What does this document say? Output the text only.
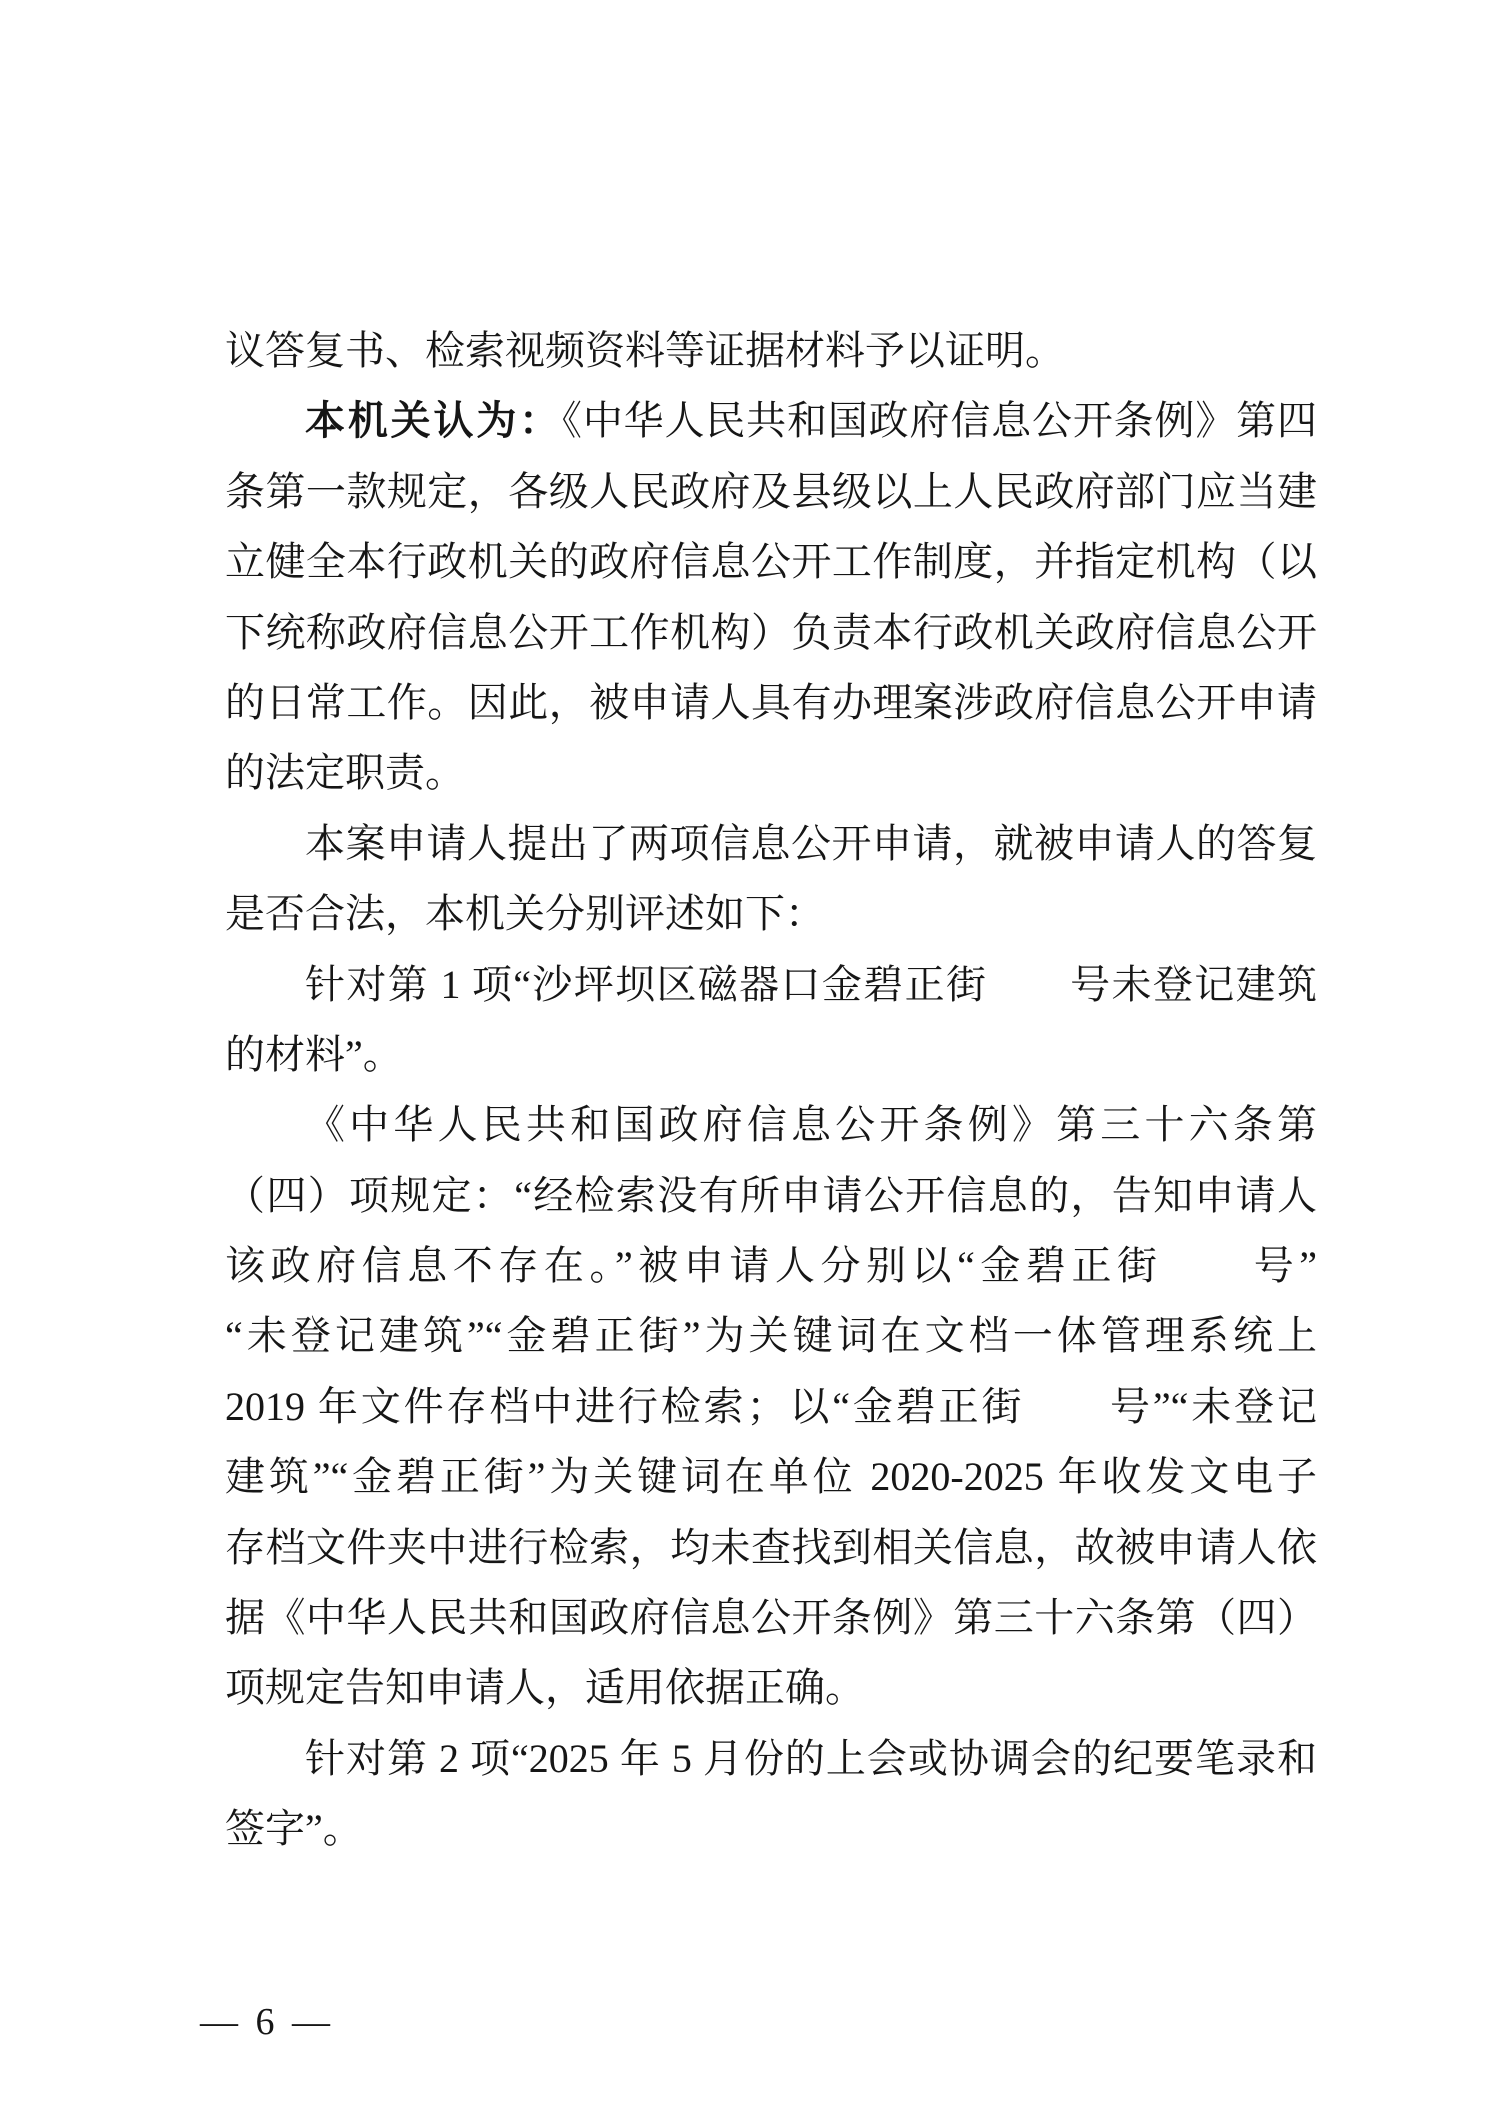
议答复书、检索视频资料等证据材料予以证明。
本机关认为：《中华人民共和国政府信息公开条例》第四
条第一款规定，各级人民政府及县级以上人民政府部门应当建
立健全本行政机关的政府信息公开工作制度，并指定机构（以
下统称政府信息公开工作机构）负责本行政机关政府信息公开
的日常工作。因此，被申请人具有办理案涉政府信息公开申请
的法定职责。
本案申请人提出了两项信息公开申请，就被申请人的答复
是否合法，本机关分别评述如下：
针对第 1 项“沙坪坝区磁器口金碧正街　　号未登记建筑
的材料”。
《中华人民共和国政府信息公开条例》第三十六条第
（四）项规定：“经检索没有所申请公开信息的，告知申请人
该政府信息不存在。”被申请人分别以“金碧正街　　号”
“未登记建筑”“金碧正街”为关键词在文档一体管理系统上
2019 年文件存档中进行检索；以“金碧正街　　号”“未登记
建筑”“金碧正街”为关键词在单位 2020-2025 年收发文电子
存档文件夹中进行检索，均未查找到相关信息，故被申请人依
据《中华人民共和国政府信息公开条例》第三十六条第（四）
项规定告知申请人，适用依据正确。
针对第 2 项“2025 年 5 月份的上会或协调会的纪要笔录和
签字”。
— 6 —
